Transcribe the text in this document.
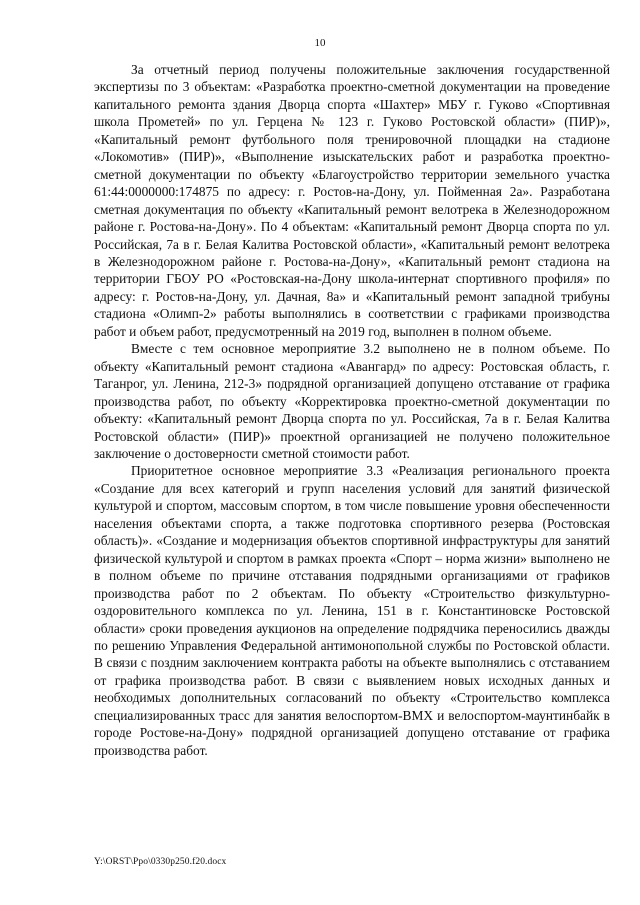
10

За отчетный период получены положительные заключения государственной экспертизы по 3 объектам: «Разработка проектно-сметной документации на проведение капитального ремонта здания Дворца спорта «Шахтер» МБУ г. Гуково «Спортивная школа Прометей» по ул. Герцена № 123 г. Гуково Ростовской области» (ПИР)», «Капитальный ремонт футбольного поля тренировочной площадки на стадионе «Локомотив» (ПИР)», «Выполнение изыскательских работ и разработка проектно-сметной документации по объекту «Благоустройство территории земельного участка 61:44:0000000:174875 по адресу: г. Ростов-на-Дону, ул. Пойменная 2а». Разработана сметная документация по объекту «Капитальный ремонт велотрека в Железнодорожном районе г. Ростова-на-Дону». По 4 объектам: «Капитальный ремонт Дворца спорта по ул. Российская, 7а в г. Белая Калитва Ростовской области», «Капитальный ремонт велотрека в Железнодорожном районе г. Ростова-на-Дону», «Капитальный ремонт стадиона на территории ГБОУ РО «Ростовская-на-Дону школа-интернат спортивного профиля» по адресу: г. Ростов-на-Дону, ул. Дачная, 8а» и «Капитальный ремонт западной трибуны стадиона «Олимп-2» работы выполнялись в соответствии с графиками производства работ и объем работ, предусмотренный на 2019 год, выполнен в полном объеме.

Вместе с тем основное мероприятие 3.2 выполнено не в полном объеме. По объекту «Капитальный ремонт стадиона «Авангард» по адресу: Ростовская область, г. Таганрог, ул. Ленина, 212-3» подрядной организацией допущено отставание от графика производства работ, по объекту «Корректировка проектно-сметной документации по объекту: «Капитальный ремонт Дворца спорта по ул. Российская, 7а в г. Белая Калитва Ростовской области» (ПИР)» проектной организацией не получено положительное заключение о достоверности сметной стоимости работ.

Приоритетное основное мероприятие 3.3 «Реализация регионального проекта «Создание для всех категорий и групп населения условий для занятий физической культурой и спортом, массовым спортом, в том числе повышение уровня обеспеченности населения объектами спорта, а также подготовка спортивного резерва (Ростовская область)». «Создание и модернизация объектов спортивной инфраструктуры для занятий физической культурой и спортом в рамках проекта «Спорт – норма жизни» выполнено не в полном объеме по причине отставания подрядными организациями от графиков производства работ по 2 объектам. По объекту «Строительство физкультурно-оздоровительного комплекса по ул. Ленина, 151 в г. Константиновске Ростовской области» сроки проведения аукционов на определение подрядчика переносились дважды по решению Управления Федеральной антимонопольной службы по Ростовской области. В связи с поздним заключением контракта работы на объекте выполнялись с отставанием от графика производства работ. В связи с выявлением новых исходных данных и необходимых дополнительных согласований по объекту «Строительство комплекса специализированных трасс для занятия велоспортом-BMX и велоспортом-маунтинбайк в городе Ростове-на-Дону» подрядной организацией допущено отставание от графика производства работ.

Y:\ORST\Ppo\0330p250.f20.docx
